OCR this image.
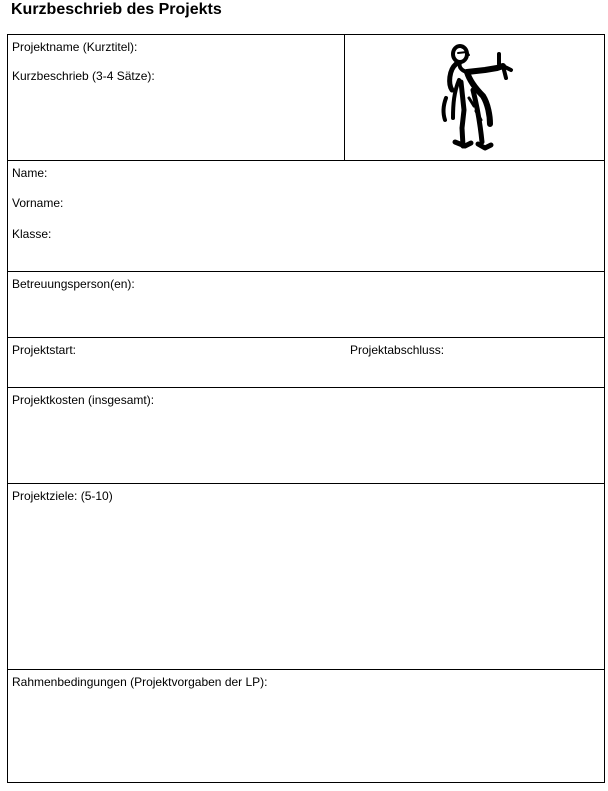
Kurzbeschrieb des Projekts
Projektname (Kurztitel):
Kurzbeschrieb (3-4 Sätze):

Name:
Vorname:
Klasse:

Betreuungsperson(en):

Projektstart:	Projektabschluss:

Projektkosten (insgesamt):

Projektziele: (5-10)

Rahmenbedingungen (Projektvorgaben der LP):
